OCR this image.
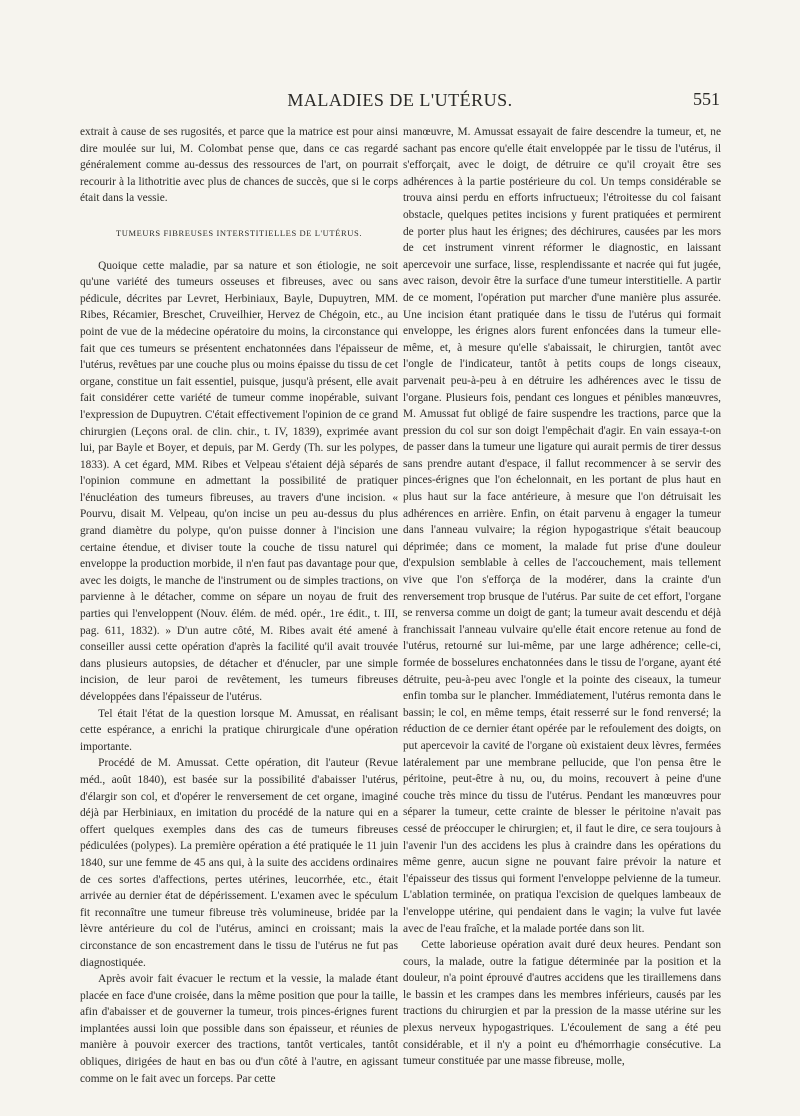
MALADIES DE L'UTÉRUS.	551

extrait à cause de ses rugosités, et parce que la matrice est pour ainsi dire moulée sur lui, M. Colombat pense que, dans ce cas regardé généralement comme au-dessus des ressources de l'art, on pourrait recourir à la lithotritie avec plus de chances de succès, que si le corps était dans la vessie.

TUMEURS FIBREUSES INTERSTITIELLES DE L'UTÉRUS.

Quoique cette maladie, par sa nature et son étiologie, ne soit qu'une variété des tumeurs osseuses et fibreuses, avec ou sans pédicule, décrites par Levret, Herbiniaux, Bayle, Dupuytren, MM. Ribes, Récamier, Breschet, Cruveilhier, Hervez de Chégoin, etc., au point de vue de la médecine opératoire du moins, la circonstance qui fait que ces tumeurs se présentent enchatonnées dans l'épaisseur de l'utérus, revêtues par une couche plus ou moins épaisse du tissu de cet organe, constitue un fait essentiel, puisque, jusqu'à présent, elle avait fait considérer cette variété de tumeur comme inopérable, suivant l'expression de Dupuytren. C'était effectivement l'opinion de ce grand chirurgien (Leçons oral. de clin. chir., t. IV, 1839), exprimée avant lui, par Bayle et Boyer, et depuis, par M. Gerdy (Th. sur les polypes, 1833). A cet égard, MM. Ribes et Velpeau s'étaient déjà séparés de l'opinion commune en admettant la possibilité de pratiquer l'énucléation des tumeurs fibreuses, au travers d'une incision. « Pourvu, disait M. Velpeau, qu'on incise un peu au-dessus du plus grand diamètre du polype, qu'on puisse donner à l'incision une certaine étendue, et diviser toute la couche de tissu naturel qui enveloppe la production morbide, il n'en faut pas davantage pour que, avec les doigts, le manche de l'instrument ou de simples tractions, on parvienne à le détacher, comme on sépare un noyau de fruit des parties qui l'enveloppent (Nouv. élém. de méd. opér., 1re édit., t. III, pag. 611, 1832). » D'un autre côté, M. Ribes avait été amené à conseiller aussi cette opération d'après la facilité qu'il avait trouvée dans plusieurs autopsies, de détacher et d'énucler, par une simple incision, de leur paroi de revêtement, les tumeurs fibreuses développées dans l'épaisseur de l'utérus.

Tel était l'état de la question lorsque M. Amussat, en réalisant cette espérance, a enrichi la pratique chirurgicale d'une opération importante.

Procédé de M. Amussat. Cette opération, dit l'auteur (Revue méd., août 1840), est basée sur la possibilité d'abaisser l'utérus, d'élargir son col, et d'opérer le renversement de cet organe, imaginé déjà par Herbiniaux, en imitation du procédé de la nature qui en a offert quelques exemples dans des cas de tumeurs fibreuses pédiculées (polypes). La première opération a été pratiquée le 11 juin 1840, sur une femme de 45 ans qui, à la suite des accidens ordinaires de ces sortes d'affections, pertes utérines, leucorrhée, etc., était arrivée au dernier état de dépérissement. L'examen avec le spéculum fit reconnaître une tumeur fibreuse très volumineuse, bridée par la lèvre antérieure du col de l'utérus, aminci en croissant; mais la circonstance de son encastrement dans le tissu de l'utérus ne fut pas diagnostiquée.

Après avoir fait évacuer le rectum et la vessie, la malade étant placée en face d'une croisée, dans la même position que pour la taille, afin d'abaisser et de gouverner la tumeur, trois pinces-érignes furent implantées aussi loin que possible dans son épaisseur, et réunies de manière à pouvoir exercer des tractions, tantôt verticales, tantôt obliques, dirigées de haut en bas ou d'un côté à l'autre, en agissant comme on le fait avec un forceps. Par cette

manœuvre, M. Amussat essayait de faire descendre la tumeur, et, ne sachant pas encore qu'elle était enveloppée par le tissu de l'utérus, il s'efforçait, avec le doigt, de détruire ce qu'il croyait être ses adhérences à la partie postérieure du col. Un temps considérable se trouva ainsi perdu en efforts infructueux; l'étroitesse du col faisant obstacle, quelques petites incisions y furent pratiquées et permirent de porter plus haut les érignes; des déchirures, causées par les mors de cet instrument vinrent réformer le diagnostic, en laissant apercevoir une surface, lisse, resplendissante et nacrée qui fut jugée, avec raison, devoir être la surface d'une tumeur interstitielle. A partir de ce moment, l'opération put marcher d'une manière plus assurée. Une incision étant pratiquée dans le tissu de l'utérus qui formait enveloppe, les érignes alors furent enfoncées dans la tumeur elle-même, et, à mesure qu'elle s'abaissait, le chirurgien, tantôt avec l'ongle de l'indicateur, tantôt à petits coups de longs ciseaux, parvenait peu-à-peu à en détruire les adhérences avec le tissu de l'organe. Plusieurs fois, pendant ces longues et pénibles manœuvres, M. Amussat fut obligé de faire suspendre les tractions, parce que la pression du col sur son doigt l'empêchait d'agir. En vain essaya-t-on de passer dans la tumeur une ligature qui aurait permis de tirer dessus sans prendre autant d'espace, il fallut recommencer à se servir des pinces-érignes que l'on échelonnait, en les portant de plus haut en plus haut sur la face antérieure, à mesure que l'on détruisait les adhérences en arrière. Enfin, on était parvenu à engager la tumeur dans l'anneau vulvaire; la région hypogastrique s'était beaucoup déprimée; dans ce moment, la malade fut prise d'une douleur d'expulsion semblable à celles de l'accouchement, mais tellement vive que l'on s'efforça de la modérer, dans la crainte d'un renversement trop brusque de l'utérus. Par suite de cet effort, l'organe se renversa comme un doigt de gant; la tumeur avait descendu et déjà franchissait l'anneau vulvaire qu'elle était encore retenue au fond de l'utérus, retourné sur lui-même, par une large adhérence; celle-ci, formée de bosselures enchatonnées dans le tissu de l'organe, ayant été détruite, peu-à-peu avec l'ongle et la pointe des ciseaux, la tumeur enfin tomba sur le plancher. Immédiatement, l'utérus remonta dans le bassin; le col, en même temps, était resserré sur le fond renversé; la réduction de ce dernier étant opérée par le refoulement des doigts, on put apercevoir la cavité de l'organe où existaient deux lèvres, fermées latéralement par une membrane pellucide, que l'on pensa être le péritoine, peut-être à nu, ou, du moins, recouvert à peine d'une couche très mince du tissu de l'utérus. Pendant les manœuvres pour séparer la tumeur, cette crainte de blesser le péritoine n'avait pas cessé de préoccuper le chirurgien; et, il faut le dire, ce sera toujours à l'avenir l'un des accidens les plus à craindre dans les opérations du même genre, aucun signe ne pouvant faire prévoir la nature et l'épaisseur des tissus qui forment l'enveloppe pelvienne de la tumeur. L'ablation terminée, on pratiqua l'excision de quelques lambeaux de l'enveloppe utérine, qui pendaient dans le vagin; la vulve fut lavée avec de l'eau fraîche, et la malade portée dans son lit.

Cette laborieuse opération avait duré deux heures. Pendant son cours, la malade, outre la fatigue déterminée par la position et la douleur, n'a point éprouvé d'autres accidens que les tiraillemens dans le bassin et les crampes dans les membres inférieurs, causés par les tractions du chirurgien et par la pression de la masse utérine sur les plexus nerveux hypogastriques. L'écoulement de sang a été peu considérable, et il n'y a point eu d'hémorrhagie consécutive. La tumeur constituée par une masse fibreuse, molle,
